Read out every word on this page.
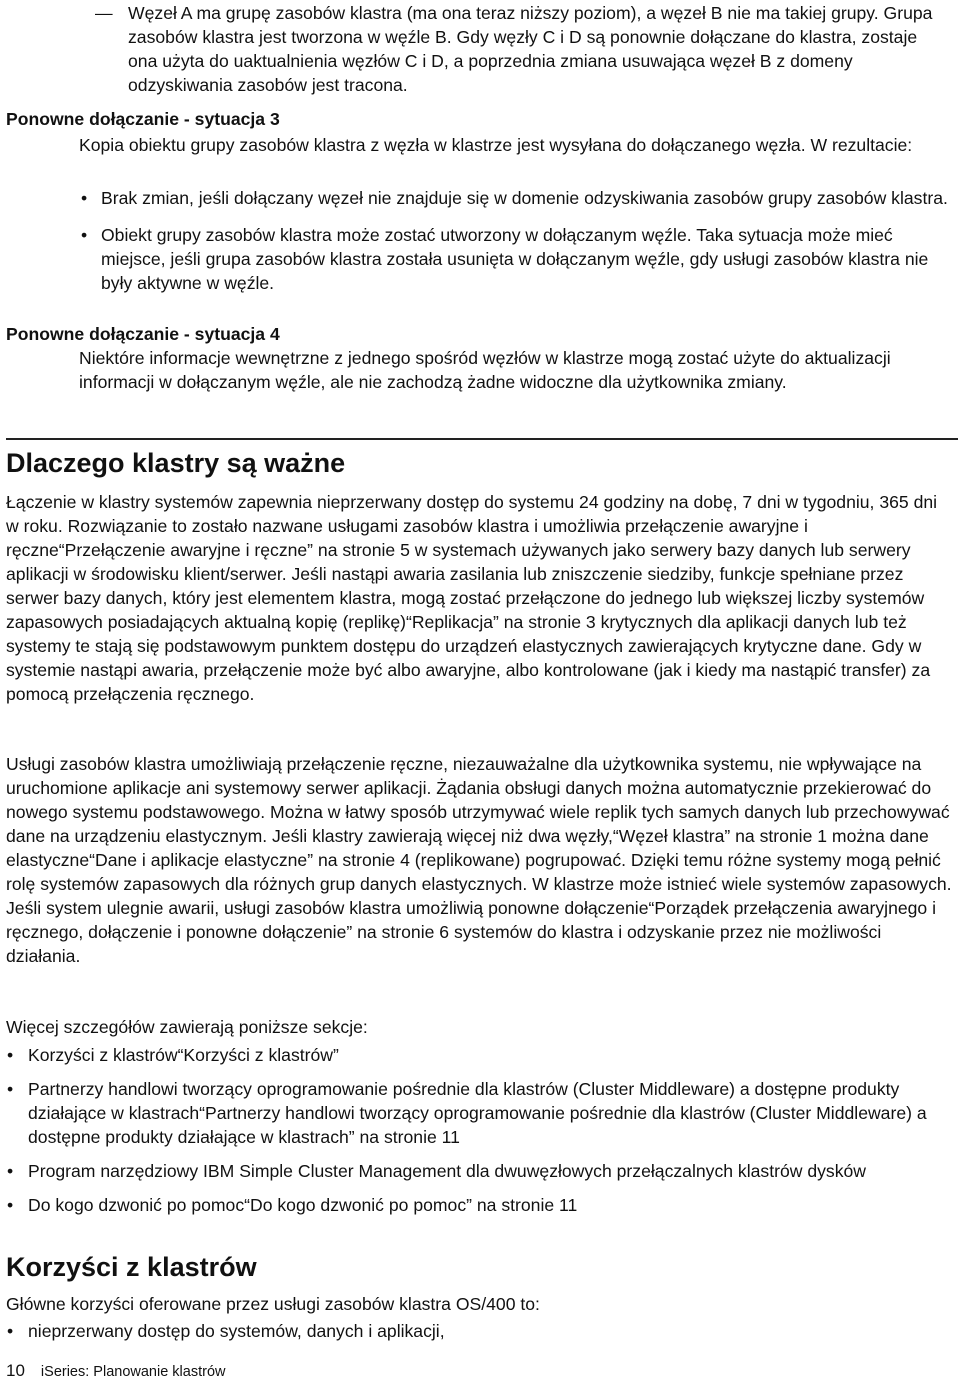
— Węzeł A ma grupę zasobów klastra (ma ona teraz niższy poziom), a węzeł B nie ma takiej grupy. Grupa zasobów klastra jest tworzona w węźle B. Gdy węzły C i D są ponownie dołączane do klastra, zostaje ona użyta do uaktualnienia węzłów C i D, a poprzednia zmiana usuwająca węzeł B z domeny odzyskiwania zasobów jest tracona.

Ponowne dołączanie - sytuacja 3

Kopia obiektu grupy zasobów klastra z węzła w klastrze jest wysyłana do dołączanego węzła. W rezultacie:

• Brak zmian, jeśli dołączany węzeł nie znajduje się w domenie odzyskiwania zasobów grupy zasobów klastra.
• Obiekt grupy zasobów klastra może zostać utworzony w dołączanym węźle. Taka sytuacja może mieć miejsce, jeśli grupa zasobów klastra została usunięta w dołączanym węźle, gdy usługi zasobów klastra nie były aktywne w węźle.

Ponowne dołączanie - sytuacja 4

Niektóre informacje wewnętrzne z jednego spośród węzłów w klastrze mogą zostać użyte do aktualizacji informacji w dołączanym węźle, ale nie zachodzą żadne widoczne dla użytkownika zmiany.

Dlaczego klastry są ważne

Łączenie w klastry systemów zapewnia nieprzerwany dostęp do systemu 24 godziny na dobę, 7 dni w tygodniu, 365 dni w roku. Rozwiązanie to zostało nazwane usługami zasobów klastra i umożliwia przełączenie awaryjne i ręczne“Przełączenie awaryjne i ręczne” na stronie 5 w systemach używanych jako serwery bazy danych lub serwery aplikacji w środowisku klient/serwer. Jeśli nastąpi awaria zasilania lub zniszczenie siedziby, funkcje spełniane przez serwer bazy danych, który jest elementem klastra, mogą zostać przełączone do jednego lub większej liczby systemów zapasowych posiadających aktualną kopię (replikę)“Replikacja” na stronie 3 krytycznych dla aplikacji danych lub też systemy te stają się podstawowym punktem dostępu do urządzeń elastycznych zawierających krytyczne dane. Gdy w systemie nastąpi awaria, przełączenie może być albo awaryjne, albo kontrolowane (jak i kiedy ma nastąpić transfer) za pomocą przełączenia ręcznego.

Usługi zasobów klastra umożliwiają przełączenie ręczne, niezauważalne dla użytkownika systemu, nie wpływające na uruchomione aplikacje ani systemowy serwer aplikacji. Żądania obsługi danych można automatycznie przekierować do nowego systemu podstawowego. Można w łatwy sposób utrzymywać wiele replik tych samych danych lub przechowywać dane na urządzeniu elastycznym. Jeśli klastry zawierają więcej niż dwa węzły,“Węzeł klastra” na stronie 1 można dane elastyczne“Dane i aplikacje elastyczne” na stronie 4 (replikowane) pogrupować. Dzięki temu różne systemy mogą pełnić rolę systemów zapasowych dla różnych grup danych elastycznych. W klastrze może istnieć wiele systemów zapasowych. Jeśli system ulegnie awarii, usługi zasobów klastra umożliwią ponowne dołączenie“Porządek przełączenia awaryjnego i ręcznego, dołączenie i ponowne dołączenie” na stronie 6 systemów do klastra i odzyskanie przez nie możliwości działania.

Więcej szczegółów zawierają poniższe sekcje:

• Korzyści z klastrów“Korzyści z klastrów”
• Partnerzy handlowi tworzący oprogramowanie pośrednie dla klastrów (Cluster Middleware) a dostępne produkty działające w klastrach“Partnerzy handlowi tworzący oprogramowanie pośrednie dla klastrów (Cluster Middleware) a dostępne produkty działające w klastrach” na stronie 11
• Program narzędziowy IBM Simple Cluster Management dla dwuwęzłowych przełączalnych klastrów dysków
• Do kogo dzwonić po pomoc“Do kogo dzwonić po pomoc” na stronie 11
Korzyści z klastrów

Główne korzyści oferowane przez usługi zasobów klastra OS/400 to:

• nieprzerwany dostęp do systemów, danych i aplikacji,
10 iSeries: Planowanie klastrów
